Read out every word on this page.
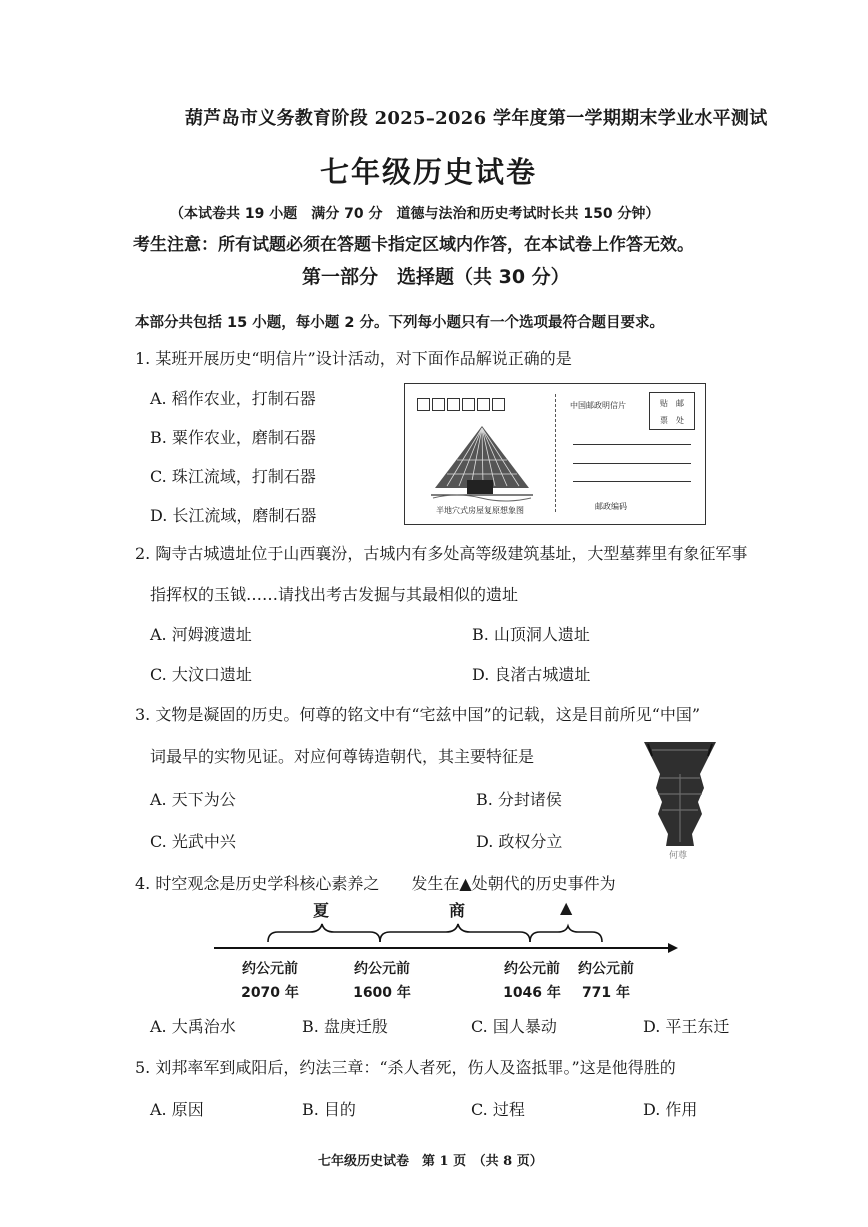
葫芦岛市义务教育阶段 2025–2026 学年度第一学期期末学业水平测试
七年级历史试卷
（本试卷共 19 小题　满分 70 分　道德与法治和历史考试时长共 150 分钟）
考生注意：所有试题必须在答题卡指定区域内作答，在本试卷上作答无效。
第一部分　选择题（共 30 分）
本部分共包括 15 小题，每小题 2 分。下列每小题只有一个选项最符合题目要求。
1. 某班开展历史“明信片”设计活动，对下面作品解说正确的是
A. 稻作农业，打制石器
B. 粟作农业，磨制石器
C. 珠江流域，打制石器
D. 长江流域，磨制石器	半地穴式房屋复原想象图
中国邮政明信片	贴　邮
票　处
邮政编码
2. 陶寺古城遗址位于山西襄汾，古城内有多处高等级建筑基址，大型墓葬里有象征军事
指挥权的玉钺……请找出考古发掘与其最相似的遗址
A. 河姆渡遗址	B. 山顶洞人遗址
C. 大汶口遗址	D. 良渚古城遗址
3. 文物是凝固的历史。何尊的铭文中有“宅兹中国”的记载，这是目前所见“中国”
词最早的实物见证。对应何尊铸造朝代，其主要特征是
A. 天下为公	B. 分封诸侯
C. 光武中兴	D. 政权分立
何尊
4. 时空观念是历史学科核心素养之　　发生在▲处朝代的历史事件为
夏	商	▲
约公元前
2070 年
约公元前
1600 年
约公元前
1046 年
约公元前
771 年
A. 大禹治水	B. 盘庚迁殷	C. 国人暴动	D. 平王东迁
5. 刘邦率军到咸阳后，约法三章：“杀人者死，伤人及盗抵罪。”这是他得胜的
A. 原因	B. 目的	C. 过程	D. 作用
七年级历史试卷　第 1 页　（共 8 页）
